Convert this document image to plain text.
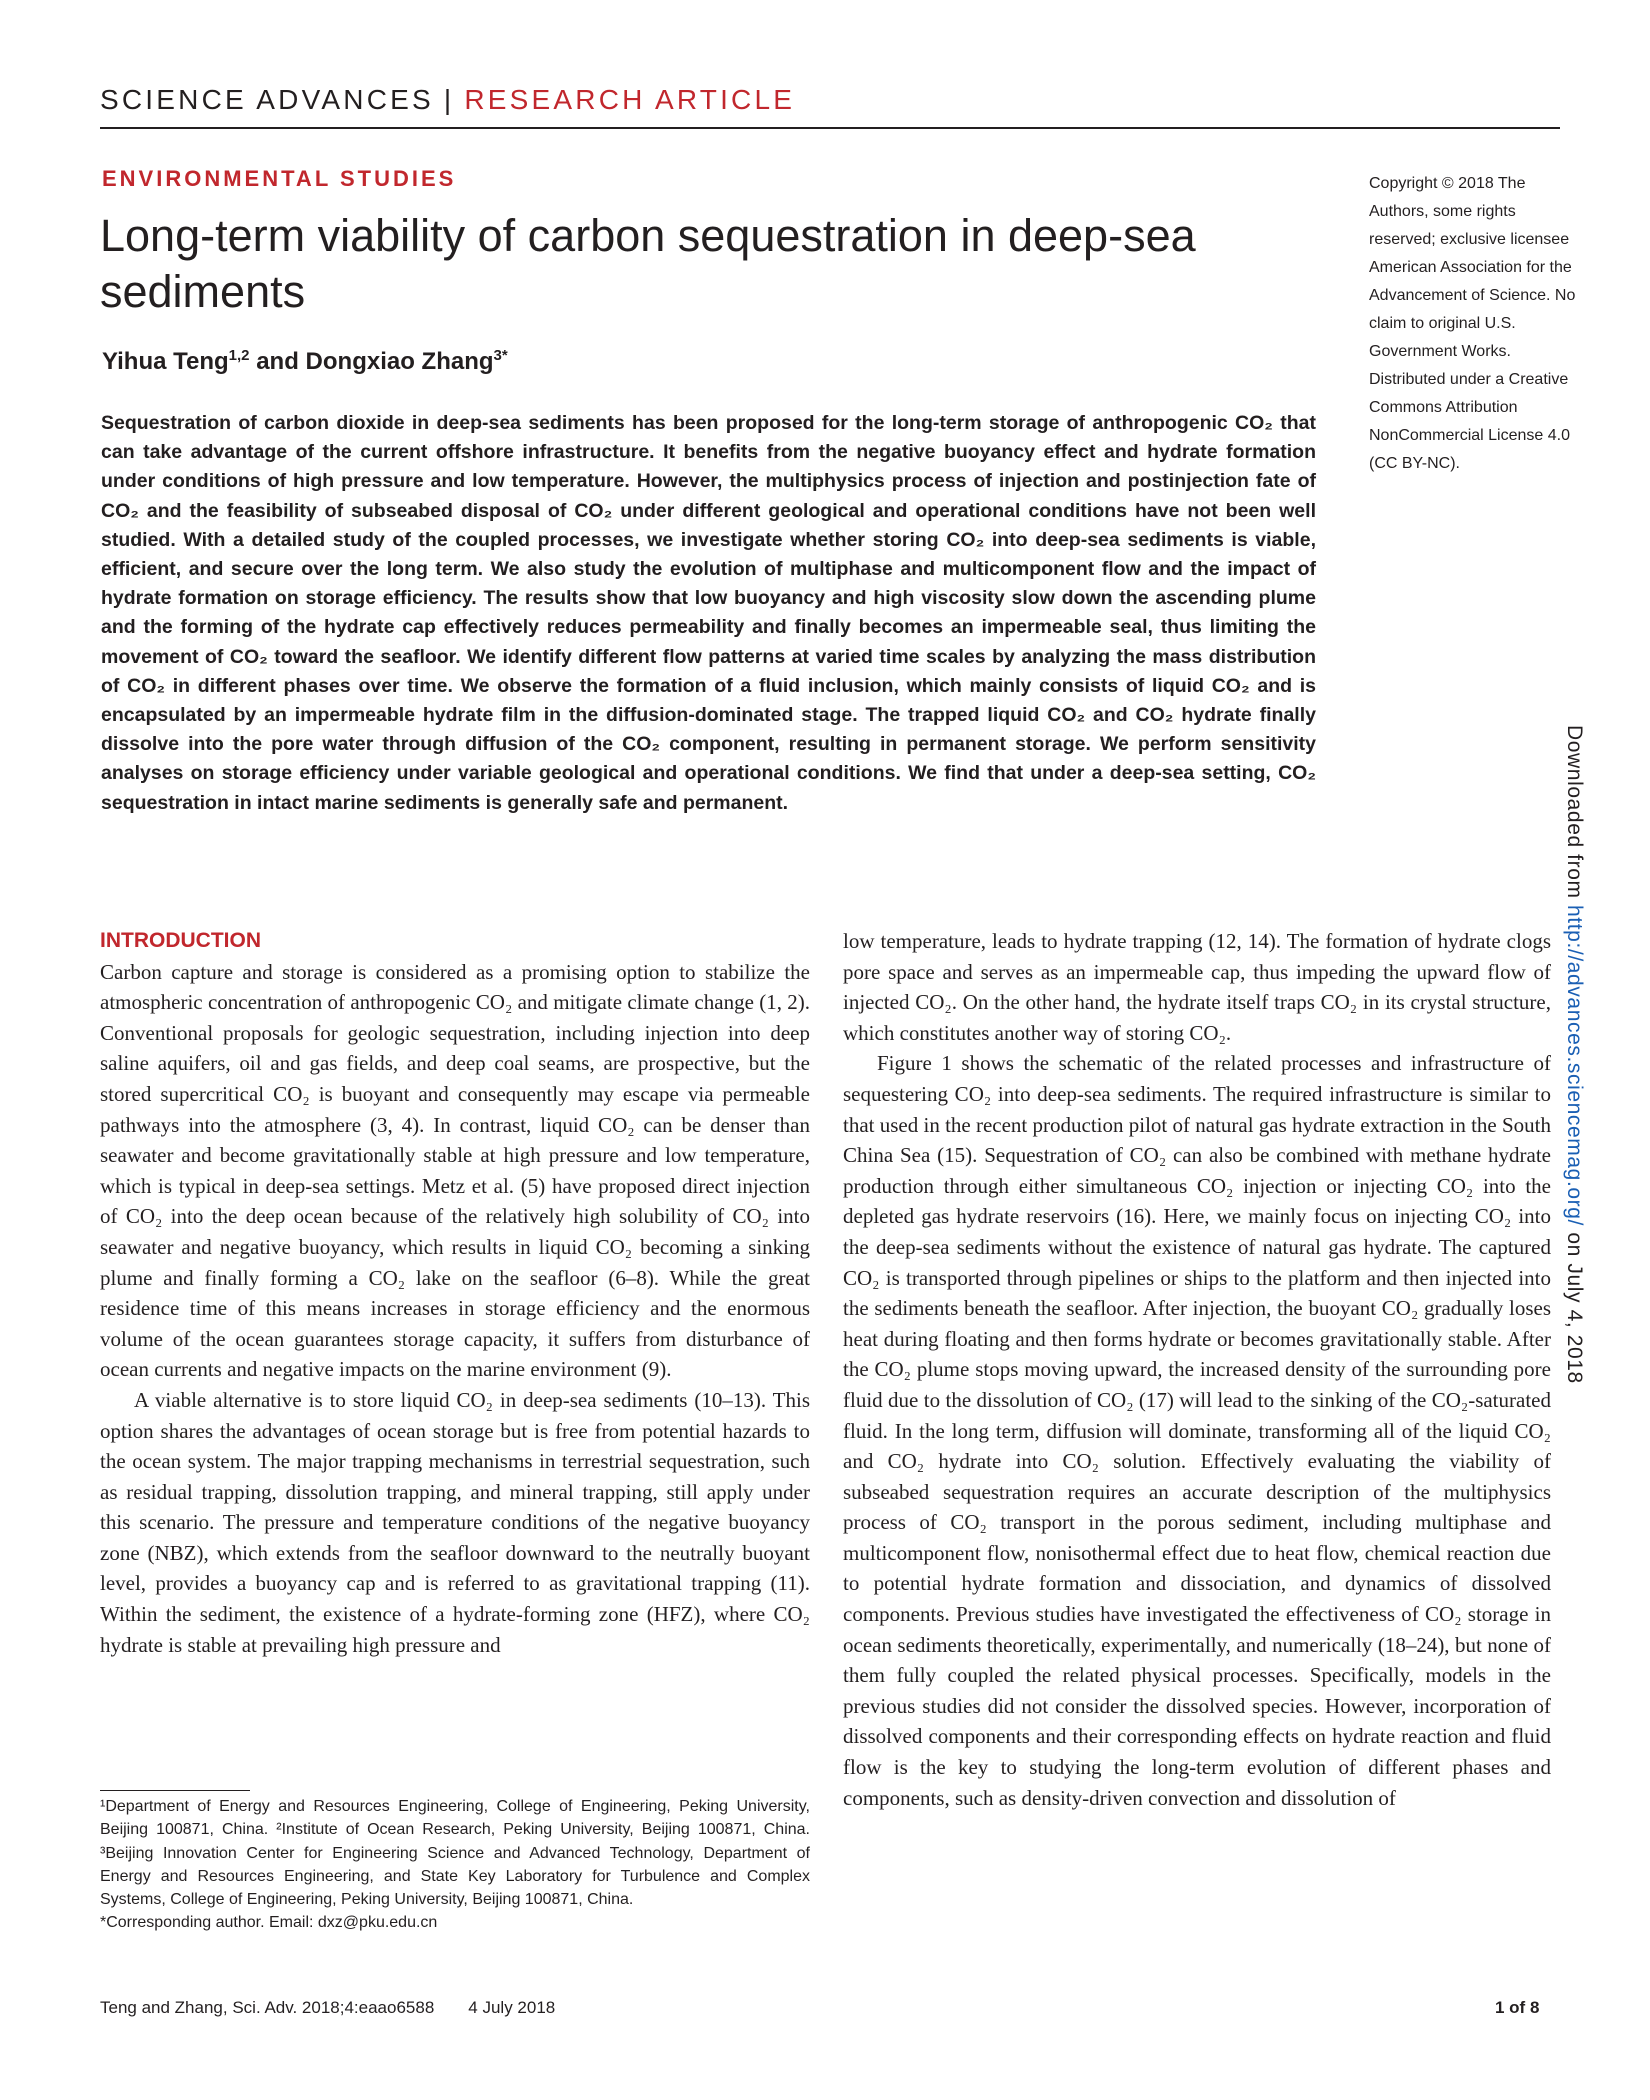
SCIENCE ADVANCES | RESEARCH ARTICLE
ENVIRONMENTAL STUDIES
Long-term viability of carbon sequestration in deep-sea sediments
Yihua Teng$^{1,2}$ and Dongxiao Zhang$^{3*}$
Copyright © 2018 The Authors, some rights reserved; exclusive licensee American Association for the Advancement of Science. No claim to original U.S. Government Works. Distributed under a Creative Commons Attribution NonCommercial License 4.0 (CC BY-NC).

Sequestration of carbon dioxide in deep-sea sediments has been proposed for the long-term storage of anthropogenic CO₂ that can take advantage of the current offshore infrastructure. It benefits from the negative buoyancy effect and hydrate formation under conditions of high pressure and low temperature. However, the multiphysics process of injection and postinjection fate of CO₂ and the feasibility of subseabed disposal of CO₂ under different geological and operational conditions have not been well studied. With a detailed study of the coupled processes, we investigate whether storing CO₂ into deep-sea sediments is viable, efficient, and secure over the long term. We also study the evolution of multiphase and multicomponent flow and the impact of hydrate formation on storage efficiency. The results show that low buoyancy and high viscosity slow down the ascending plume and the forming of the hydrate cap effectively reduces permeability and finally becomes an impermeable seal, thus limiting the movement of CO₂ toward the seafloor. We identify different flow patterns at varied time scales by analyzing the mass distribution of CO₂ in different phases over time. We observe the formation of a fluid inclusion, which mainly consists of liquid CO₂ and is encapsulated by an impermeable hydrate film in the diffusion-dominated stage. The trapped liquid CO₂ and CO₂ hydrate finally dissolve into the pore water through diffusion of the CO₂ component, resulting in permanent storage. We perform sensitivity analyses on storage efficiency under variable geological and operational conditions. We find that under a deep-sea setting, CO₂ sequestration in intact marine sediments is generally safe and permanent.	Downloaded from http://advances.sciencemag.org/ on July 4, 2018
INTRODUCTION

Carbon capture and storage is considered as a promising option to stabilize the atmospheric concentration of anthropogenic CO₂ and mitigate climate change (1, 2). Conventional proposals for geologic sequestration, including injection into deep saline aquifers, oil and gas fields, and deep coal seams, are prospective, but the stored supercritical CO₂ is buoyant and consequently may escape via permeable pathways into the atmosphere (3, 4). In contrast, liquid CO₂ can be denser than seawater and become gravitationally stable at high pressure and low temperature, which is typical in deep-sea settings. Metz et al. (5) have proposed direct injection of CO₂ into the deep ocean because of the relatively high solubility of CO₂ into seawater and negative buoyancy, which results in liquid CO₂ becoming a sinking plume and finally forming a CO₂ lake on the seafloor (6–8). While the great residence time of this means increases in storage efficiency and the enormous volume of the ocean guarantees storage capacity, it suffers from disturbance of ocean currents and negative impacts on the marine environment (9).

A viable alternative is to store liquid CO₂ in deep-sea sediments (10–13). This option shares the advantages of ocean storage but is free from potential hazards to the ocean system. The major trapping mechanisms in terrestrial sequestration, such as residual trapping, dissolution trapping, and mineral trapping, still apply under this scenario. The pressure and temperature conditions of the negative buoyancy zone (NBZ), which extends from the seafloor downward to the neutrally buoyant level, provides a buoyancy cap and is referred to as gravitational trapping (11). Within the sediment, the existence of a hydrate-forming zone (HFZ), where CO₂ hydrate is stable at prevailing high pressure and

low temperature, leads to hydrate trapping (12, 14). The formation of hydrate clogs pore space and serves as an impermeable cap, thus impeding the upward flow of injected CO₂. On the other hand, the hydrate itself traps CO₂ in its crystal structure, which constitutes another way of storing CO₂.

Figure 1 shows the schematic of the related processes and infrastructure of sequestering CO₂ into deep-sea sediments. The required infrastructure is similar to that used in the recent production pilot of natural gas hydrate extraction in the South China Sea (15). Sequestration of CO₂ can also be combined with methane hydrate production through either simultaneous CO₂ injection or injecting CO₂ into the depleted gas hydrate reservoirs (16). Here, we mainly focus on injecting CO₂ into the deep-sea sediments without the existence of natural gas hydrate. The captured CO₂ is transported through pipelines or ships to the platform and then injected into the sediments beneath the seafloor. After injection, the buoyant CO₂ gradually loses heat during floating and then forms hydrate or becomes gravitationally stable. After the CO₂ plume stops moving upward, the increased density of the surrounding pore fluid due to the dissolution of CO₂ (17) will lead to the sinking of the CO₂-saturated fluid. In the long term, diffusion will dominate, transforming all of the liquid CO₂ and CO₂ hydrate into CO₂ solution. Effectively evaluating the viability of subseabed sequestration requires an accurate description of the multiphysics process of CO₂ transport in the porous sediment, including multiphase and multicomponent flow, nonisothermal effect due to heat flow, chemical reaction due to potential hydrate formation and dissociation, and dynamics of dissolved components. Previous studies have investigated the effectiveness of CO₂ storage in ocean sediments theoretically, experimentally, and numerically (18–24), but none of them fully coupled the related physical processes. Specifically, models in the previous studies did not consider the dissolved species. However, incorporation of dissolved components and their corresponding effects on hydrate reaction and fluid flow is the key to studying the long-term evolution of different phases and components, such as density-driven convection and dissolution of

¹Department of Energy and Resources Engineering, College of Engineering, Peking University, Beijing 100871, China. ²Institute of Ocean Research, Peking University, Beijing 100871, China. ³Beijing Innovation Center for Engineering Science and Advanced Technology, Department of Energy and Resources Engineering, and State Key Laboratory for Turbulence and Complex Systems, College of Engineering, Peking University, Beijing 100871, China.

*Corresponding author. Email: dxz@pku.edu.cn

Teng and Zhang, Sci. Adv. 2018;4:eaao6588 4 July 2018	1 of 8
